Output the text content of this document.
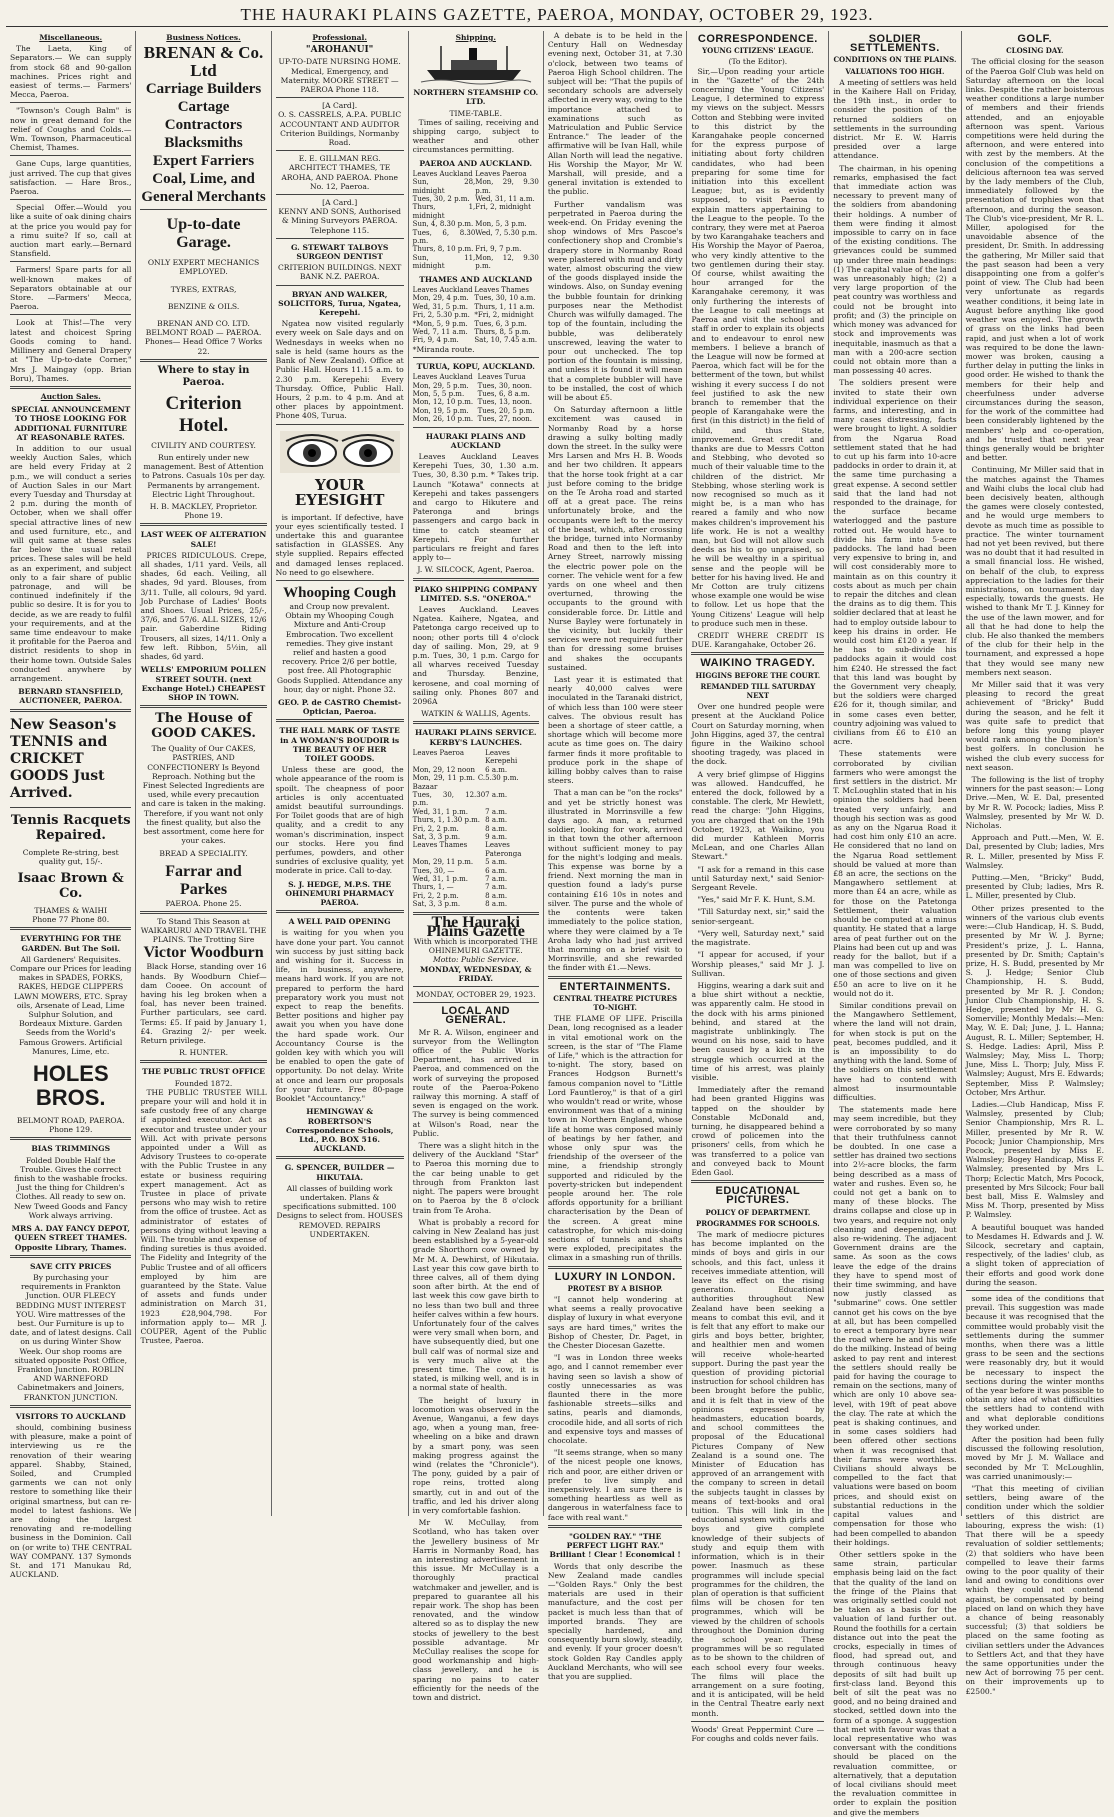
THE HAURAKI PLAINS GAZETTE, PAEROA, MONDAY, OCTOBER 29, 1923.
Miscellaneous.

The Laeta, King of Separators.— We can supply from stock 68 and 90-gallon machines. Prices right and easiest of terms.— Farmers' Mecca, Paeroa.

"Townson's Cough Balm" is now in great demand for the relief of Coughs and Colds.— Wm. Townson, Pharmaceutical Chemist, Thames.

Gane Cups, large quantities, just arrived. The cup that gives satisfaction. — Hare Bros., Paeroa.

Special Offer.—Would you like a suite of oak dining chairs at the price you would pay for a rimu suite? If so, call at auction mart early.—Bernard Stansfield.

Farmers! Spare parts for all well-known makes of Separators obtainable at our Store. —Farmers' Mecca, Paeroa.

Look at This!—The very latest and choicest Spring Goods coming to hand. Millinery and General Drapery at "The Up-to-date Corner," Mrs J. Maingay (opp. Brian Boru), Thames.

Auction Sales.
SPECIAL ANNOUNCEMENT TO THOSE LOOKING FOR ADDITIONAL FURNITURE AT REASONABLE RATES.

In addition to our usual weekly Auction Sales, which are held every Friday at 2 p.m., we will conduct a series of Auction Sales in our Mart every Tuesday and Thursday at 2 p.m. during the month of October, when we shall offer special attractive lines of new and used furniture, etc., and will quit same at these sales far below the usual retail prices. These sales will be held as an experiment, and subject only to a fair share of public patronage, and will be continued indefinitely if the public so desire. It is for you to decide, as we are ready to fulfil your requirements, and at the same time endeavour to make it profitable for the Paeroa and district residents to shop in their home town. Outside Sales conducted anywhere by arrangement.

BERNARD STANSFIELD, AUCTIONEER, PAEROA.
New Season's TENNIS and CRICKET GOODS Just Arrived.
Tennis Racquets Repaired.
Complete Re-string, best quality gut, 15/-.
Isaac Brown & Co.
THAMES & WAIHI
Phone 77 Phone 80.
EVERYTHING FOR THE GARDEN. But The Soil.

All Gardeners' Requisites. Compare our Prices for leading makes in SPADES, FORKS, RAKES, HEDGE CLIPPERS LAWN MOWERS, ETC. Spray oils, Arsenate of Lead, Lime Sulphur Solution, and Bordeaux Mixture. Garden Seeds from the World's Famous Growers. Artificial Manures, Lime, etc.

HOLES BROS.
BELMONT ROAD, PAEROA. Phone 129.
BIAS TRIMMINGS

Folded Double Half the Trouble. Gives the correct finish to the washable frocks. Just the thing for Children's Clothes. All ready to sew on. New Tweed Goods and Fancy Work always arriving.

MRS A. DAY FANCY DEPOT, QUEEN STREET THAMES. Opposite Library, Thames.
SAVE CITY PRICES

By purchasing your requirements in Frankton Junction. OUR FLEECY BEDDING MUST INTEREST YOU. Wire mattresses of the best. Our Furniture is up to date, and of latest designs. Call on us during Winter Show Week. Our shop rooms are situated opposite Post Office, Frankton Junction. ROBLIN AND WARNEFORD Cabinetmakers and Joiners, FRANKTON JUNCTION.

VISITORS TO AUCKLAND

should, combining business with pleasure, make a point of interviewing us re the renovation of their wearing apparel. Shabby, Stained, Soiled, and Crumpled garments we can not only restore to something like their original smartness, but can re-model to latest fashions. We are doing the largest renovating and re-modelling business in the Dominion. Call on (or write to) THE CENTRAL WAY COMPANY. 137 Symonds St. and 171 Manukau Rd, AUCKLAND.

Business Notices.
BRENAN & Co. Ltd
Carriage Builders
Cartage Contractors
Blacksmiths
Expert Farriers
Coal, Lime, and
General Merchants
Up-to-date Garage.
ONLY EXPERT MECHANICS EMPLOYED.
TYRES, EXTRAS,
BENZINE & OILS.
BRENAN AND CO. LTD. BELMONT ROAD — PAEROA. Phones— Head Office 7 Works 22.
Where to stay in Paeroa.
Criterion Hotel.
CIVILITY AND COURTESY.

Run entirely under new management. Best of Attention to Patrons. Casuals 10s per day. Permanents by arrangement. Electric Light Throughout.

H. B. MACKLEY, Proprietor. Phone 19.
LAST WEEK OF ALTERATION SALE!

PRICES RIDICULOUS. Crepe, all shades, 1/11 yard. Veils, all shades, 6d each. Veiling, all shades, 9d yard. Blouses, from 3/11. Tulle, all colours, 9d yard. Job Purchase of Ladies' Boots and Shoes. Usual Prices, 25/-, 37/6, and 57/6. ALL SIZES, 12/6 pair. Gaberdine Riding Trousers, all sizes, 14/11. Only a few left. Ribbon, 5½in, all shades, 6d yard.

WELLS' EMPORIUM POLLEN STREET SOUTH. (next Exchange Hotel.) CHEAPEST SHOP IN TOWN.
The House of GOOD CAKES.

The Quality of Our CAKES, PASTRIES, AND CONFECTIONERY Is Beyond Reproach. Nothing but the Finest Selected Ingredients are used, while every precaution and care is taken in the making. Therefore, if you want not only the finest quality, but also the best assortment, come here for your cakes.

BREAD A SPECIALITY.
Farrar and Parkes
PAEROA. Phone 25.
To Stand This Season at WAIKARURU AND TRAVEL THE PLAINS. The Trotting Sire
Victor Woodburn

Black Horse, standing over 16 hands. By Woodburn Chief—dam Cooee. On account of having his leg broken when a foal, has never been trained. Further particulars, see card. Terms: £5. If paid by January 1, £4. Grazing 2/- per week. Return privilege.

R. HUNTER.
THE PUBLIC TRUST OFFICE
Founded 1872.

THE PUBLIC TRUSTEE WILL prepare your will and hold it in safe custody free of any charge if appointed executor. Act as executor and trustee under your Will. Act with private persons appointed under a Will as Advisory Trustees to co-operate with the Public Trustee in any estate or business requiring expert management. Act as Trustee in place of private persons who may wish to retire from the office of trustee. Act as administrator of estates of persons dying without leaving a Will. The trouble and expense of finding sureties is thus avoided. The Fidelity and Integrity of the Public Trustee and of all officers employed by him are guaranteed by the State. Value of assets and funds under administration on March 31, 1923 £28,904,798. For information apply to— MR J. COUPER, Agent of the Public Trustee, Paeroa.

Professional.
"AROHANUI"

UP-TO-DATE NURSING HOME. Medical, Emergency, and Maternity. MOORE STREET — PAEROA Phone 118.

[A Card].

O. S. CASSRELS, A.P.A. PUBLIC ACCOUNTANT AND AUDITOR Criterion Buildings, Normanby Road.

E. E. GILLMAN REG. ARCHITECT THAMES, TE AROHA, AND PAEROA. Phone No. 12, Paeroa.

[A Card.]

KENNY AND SONS, Authorised & Mining Surveyors PAEROA. Telephone 115.

G. STEWART TALBOYS SURGEON DENTIST
CRITERION BUILDINGS. NEXT BANK N.Z. PAEROA.
BRYAN AND WALKER, SOLICITORS, Turua, Ngatea, Kerepehi.

Ngatea now visited regularly every week on Sale days and on Wednesdays in weeks when no sale is held (same hours as the Bank of New Zealand). Office at Public Hall. Hours 11.15 a.m. to 2.30 p.m. Kerepehi: Every Thursday. Office, Public Hall. Hours, 2 p.m. to 4 p.m. And at other places by appointment. Phone 40S, Turua.

YOUR EYESIGHT

is important. If defective, have your eyes scientifically tested. I undertake this and guarantee satisfaction in GLASSES. Any style supplied. Repairs effected and damaged lenses replaced. No need to go elsewhere.

Whooping Cough

and Croup now prevalent. Obtain my Whooping Cough Mixture and Anti-Croup Embrocation. Two excellent remedies. They give instant relief and hasten a good recovery. Price 2/6 per bottle, post free. All Photographic Goods Supplied. Attendance any hour, day or night. Phone 32.

GEO. P. de CASTRO Chemist-Optician, Paeroa.
THE HALL MARK OF TASTE in A WOMAN'S BOUDOIR is THE BEAUTY OF HER TOILET GOODS.

Unless these are good, the whole appearance of the room is spoilt. The cheapness of poor articles is only accentuated amidst beautiful surroundings. For Toilet goods that are of high quality, and a credit to any woman's discrimination, inspect our stocks. Here you find perfumes, powders, and other sundries of exclusive quality, yet moderate in price. Call to-day.

S. J. HEDGE, M.P.S. THE OHINEMURI PHARMACY PAEROA.
A WELL PAID OPENING

is waiting for you when you have done your part. You cannot win success by just sitting back and wishing for it. Success in life, in business, anywhere, means hard work. If you are not prepared to perform the hard preparatory work you must not expect to reap the benefits. Better positions and higher pay await you when you have done the hard spade work. Our Accountancy Course is the golden key with which you will be enabled to open the gate of opportunity. Do not delay. Write at once and learn our proposals for your future. Free 80-page Booklet "Accountancy."

HEMINGWAY & ROBERTSON'S Correspondence Schools, Ltd., P.O. BOX 516. AUCKLAND.
G. SPENCER, BUILDER — HIKUTAIA.

All classes of building work undertaken. Plans & specifications submitted. 100 Designs to select from. HOUSES REMOVED. REPAIRS UNDERTAKEN.

Shipping.
NORTHERN STEAMSHIP CO. LTD.
TIME-TABLE.

Times of sailing, receiving and shipping cargo, subject to weather and other circumstances permitting.

PAEROA AND AUCKLAND.
Leaves Auckland	Leaves Paeroa
Sun, 28, midnight	Mon, 29, 9.30 p.m.
Tues, 30, 2 p.m.	Wed, 31, 11 a.m.
Thurs, 1, midnight	Fri, 2, midnight
Sun, 4, 8.30 p.m.	Mon, 5, 3 p.m.
Tues, 6, 8.30 p.m.	Wed, 7, 5.30 p.m.
Thurs, 8, 10 p.m.	Fri, 9, 7 p.m.
Sun, 11, midnight	Mon, 12, 9.30 p.m.
THAMES AND AUCKLAND
Leaves Auckland	Leaves Thames
Mon, 29, 4 p.m.	Tues, 30, 10 a.m.
Wed, 31, 5 p.m.	Thurs, 1, 11 a.m.
Fri, 2, 5.30 p.m.	*Fri, 2, midnight
*Mon, 5, 9 p.m.	Tues, 6, 3 p.m.
Wed, 7, 11 a.m.	Thurs, 8, 5 p.m.
Fri, 9, 4 p.m.	Sat, 10, 7.45 a.m.
*Miranda route.
TURUA, KOPU, AUCKLAND.
Leaves Auckland	Leaves Turua
Mon, 29, 5 p.m.	Tues, 30, noon.
Mon, 5, 5 p.m.	Tues, 6, 8 a.m.
Mon, 12, 10 p.m.	Tues, 13, noon.
Mon, 19, 5 p.m.	Tues, 20, 5 p.m.
Mon, 26, 10 p.m.	Tues, 27, noon.
HAURAKI PLAINS AND AUCKLAND

Leaves Auckland Leaves Kerepehi Tues, 30, 1.30 a.m. Tues, 30, 8.30 p.m. * Takes trip. Launch "Kotawa" connects at Kerepehi and takes passengers and cargo to Hikutere and Pateronga and brings passengers and cargo back in time to catch steamer at Kerepehi. For further particulars re freight and fares apply to—

J. W. SILCOCK, Agent, Paeroa.
PIAKO SHIPPING COMPANY LIMITED. S.S. "ONEROA."

Leaves Auckland. Leaves Ngatea. Kaihere, Ngatea, and Patetonga cargo received up to noon; other ports till 4 o'clock day of sailing. Mon, 29, at 9 p.m. Tues, 30, 1 p.m. Cargo for all wharves received Tuesday and Thursday. Benzine, kerosene, and coal morning of sailing only. Phones 807 and 2096A

WATKIN & WALLIS, Agents.
HAURAKI PLAINS SERVICE. KERBY'S LAUNCHES.
Leaves Paeroa	Leaves Kerepehi
Mon, 29, 12 noon	6 a.m.
Mon, 29, 11 p.m. C. Bazaar	5.30 p.m.
Tues, 30, 12.30 p.m.	7 a.m.
Wed, 31, 1 p.m.	7 a.m.
Thurs, 1, 1.30 p.m.	8 a.m.
Fri, 2, 2 p.m.	8 a.m.
Sat, 3, 3 p.m.	9 a.m.
Leaves Thames	Leaves Pateronga
Mon, 29, 11 p.m.	5 a.m.
Tues, 30, —	6 a.m.
Wed, 31, 1 p.m.	7 a.m.
Thurs, 1, —	7 a.m.
Fri, 2, 2 p.m.	8 a.m.
Sat, 3, 3 p.m.	8 a.m.
The Hauraki Plains Gazette
With which is incorporated THE OHINEMURI GAZETTE.
Motto: Public Service.
MONDAY, WEDNESDAY, & FRIDAY.
MONDAY, OCTOBER 29, 1923.
LOCAL AND GENERAL.

Mr R. A. Wilson, engineer and surveyor from the Wellington office of the Public Works Department, has arrived in Paeroa, and commenced on the work of surveying the proposed route of the Paeroa-Pokeno railway this morning. A staff of seven is engaged on the work. The survey is being commenced at Wilson's Road, near the Public.

There was a slight hitch in the delivery of the Auckland "Star" to Paeroa this morning due to the car being unable to get through from Frankton last night. The papers were brought on to Paeroa by the 8 o'clock train from Te Aroha.

What is probably a record for calving in New Zealand has just been established by a 5-year-old grade Shorthorn cow owned by Mr M. A. Dewhirst, of Hikutaia. Last year this cow gave birth to three calves, all of them dying soon after birth. At the end of last week this cow gave birth to no less than two bull and three heifer calves within a few hours. Unfortunately four of the calves were very small when born, and have subsequently died, but one bull calf was of normal size and is very much alive at the present time. The cow, it is stated, is milking well, and is in a normal state of health.

The height of luxury in locomotion was observed in the Avenue, Wanganui, a few days ago, when a young man, free-wheeling on a bike and drawn by a smart pony, was seen making progress against the wind (relates the "Chronicle"). The pony, guided by a pair of rope reins, trotted along smartly, cut in and out of the traffic, and led his driver along in very comfortable fashion.

Mr W. McCullay, from Scotland, who has taken over the Jewellery business of Mr Harris in Normanby Road, has an interesting advertisement in this issue. Mr McCullay is a thoroughly practical watchmaker and jeweller, and is prepared to guarantee all his repair work. The shop has been renovated, and the window altered so as to display the new stocks of jewellery to the best possible advantage. Mr McCullay realises the scope for good workmanship and high-class jewellery, and he is sparing no pains to cater efficiently for the needs of the town and district.

A debate is to be held in the Century Hall on Wednesday evening next, October 31, at 7.30 o'clock, between two teams of Paeroa High School children. The subject will be: "That the pupils of secondary schools are adversely affected in every way, owing to the importance attached to examinations such as Matriculation and Public Service Entrance." The leader of the affirmative will be Ivan Hall, while Allan North will lead the negative. His Worship the Mayor, Mr W. Marshall, will preside, and a general invitation is extended to the public.

Further vandalism was perpetrated in Paeroa during the week-end. On Friday evening the shop windows of Mrs Pascoe's confectionery shop and Crombie's drapery store in Normanby Road were plastered with mud and dirty water, almost obscuring the view of the goods displayed inside the windows. Also, on Sunday evening the bubble fountain for drinking purposes near the Methodist Church was wilfully damaged. The top of the fountain, including the bubble, was deliberately unscrewed, leaving the water to pour out unchecked. The top portion of the fountain is missing, and unless it is found it will mean that a complete bubbler will have to be installed, the cost of which will be about £5.

On Saturday afternoon a little excitement was caused in Normanby Road by a horse drawing a sulky bolting madly down the street. In the sulky were Mrs Larsen and Mrs H. B. Woods and her two children. It appears that the horse took fright at a car just before coming to the bridge on the Te Aroha road and started off at a great pace. The reins unfortunately broke, and the occupants were left to the mercy of the beast, which, after crossing the bridge, turned into Normanby Road and then to the left into Arney Street, narrowly missing the electric power pole on the corner. The vehicle went for a few yards on one wheel and then overturned, throwing the occupants to the ground with considerable force. Dr. Little and Nurse Bayley were fortunately in the vicinity, but luckily their services were not required further than for dressing some bruises and shakes the occupants sustained.

Last year it is estimated that nearly 40,000 calves were inoculated in the Taranaki district, of which less than 100 were steer calves. The obvious result has been a shortage of steer cattle, a shortage which will become more acute as time goes on. The dairy farmer finds it more profitable to produce pork in the shape of killing bobby calves than to raise steers.

That a man can be "on the rocks" and yet be strictly honest was illustrated in Morrinsville a few days ago. A man, a returned soldier, looking for work, arrived in that town the other afternoon without sufficient money to pay for the night's lodging and meals. This expense was borne by a friend. Next morning the man in question found a lady's purse containing £16 10s in notes and silver. The purse and the whole of the contents were taken immediately to the police station, where they were claimed by a Te Aroha lady who had just arrived that morning on a brief visit to Morrinsville, and she rewarded the finder with £1.—News.

ENTERTAINMENTS.
CENTRAL THEATRE PICTURES TO-NIGHT.

THE FLAME OF LIFE. Priscilla Dean, long recognised as a leader in vital emotional work on the screen, is the star of "The Flame of Life," which is the attraction for to-night. The story, based on Frances Hodgson Burnett's famous companion novel to "Little Lord Fauntleroy," is that of a girl who wouldn't read or write, whose environment was that of a mining town in Northern England, whose life at home was composed mainly of beatings by her father, and whose only spur was the friendship of the overseer of the mine, a friendship strongly supported and ridiculed by the poverty-stricken but independent people around her. The role affords opportunity for a brilliant characterisation by the Dean of the screen. A great mine catastrophe, for which mis-doing sections of tunnels and shafts were exploded, precipitates the climax in a smashing run of thrills.

LUXURY IN LONDON.
PROTEST BY A BISHOP.

"I cannot help wondering at what seems a really provocative display of luxury in what everyone says are hard times," writes the Bishop of Chester, Dr. Paget, in the Chester Diocesan Gazette.

"I was in London three weeks ago, and I cannot remember ever having seen so lavish a show of costly unnecessaries as was flaunted there in the more fashionable streets—silks and satins, pearls and diamonds, crocodile hide, and all sorts of rich and expensive toys and masses of chocolate.

"It seems strange, when so many of the nicest people one knows, rich and poor, are either driven or prefer to live simply and inexpensively. I am sure there is something heartless as well as dangerous in waterfalness face to face with real want."

"GOLDEN RAY." "THE PERFECT LIGHT RAY." Brilliant ! Clear ! Economical !

Words that only describe the New Zealand made candles—"Golden Rays." Only the best materials are used in their manufacture, and the cost per packet is much less than that of imported brands. They are specially hardened, and consequently burn slowly, steadily, and evenly. If your grocer doesn't stock Golden Ray Candles apply Auckland Merchants, who will see that you are supplied.

CORRESPONDENCE.
YOUNG CITIZENS' LEAGUE.
(To the Editor).

Sir,—Upon reading your article in the "Gazette" of the 24th concerning the Young Citizens' League, I determined to express my views on the subject. Messrs Cotton and Stebbing were invited to this district by the Karangahake people concerned for the express purpose of initiating about forty children candidates, who had been preparing for some time for initiation into this excellent League; but, as is evidently supposed, to visit Paeroa to explain matters appertaining to the League to the people. To the contrary, they were met at Paeroa by two Karangahake teachers and His Worship the Mayor of Paeroa, who very kindly attentive to the two gentlemen during their stay. Of course, whilst awaiting the hour arranged for the Karangahake ceremony, it was only furthering the interests of the League to call meetings at Paeroa and visit the school and staff in order to explain its objects and to endeavour to enrol new members. I believe a branch of the League will now be formed at Paeroa, which fact will be for the betterment of the town, but whilst wishing it every success I do not feel justified to ask the new branch to remember that the people of Karangahake were the first (in this district) in the field of child, and thus State, improvement. Great credit and thanks are due to Messrs Cotton and Stebbing, who devoted so much of their valuable time to the children of the district. Mr Stebbing, whose sterling work is now recognised so much as it might be, is a man who has reared a family and who now makes children's improvement his life work. He is not a wealthy man, but God will not allow such deeds as his to go unpraised, so he will be wealthy in a spiritual sense and the people will be better for his having lived. He and Mr Cotton are truly citizens whose example one would be wise to follow. Let us hope that the Young Citizens' League will help to produce such men in these.

CREDIT WHERE CREDIT IS DUE. Karangahake, October 26.

WAIKINO TRAGEDY.
HIGGINS BEFORE THE COURT.
REMANDED TILL SATURDAY NEXT

Over one hundred people were present at the Auckland Police Court on Saturday morning, when John Higgins, aged 37, the central figure in the Waikino school shooting tragedy, was placed in the dock.

A very brief glimpse of Higgins was allowed. Handcuffed, he entered the dock, followed by a constable. The clerk, Mr Hewlett, read the charge: "John Higgins, you are charged that on the 19th October, 1923, at Waikino, you did murder Kathleen Morris McLean, and one Charles Allan Stewart."

"I ask for a remand in this case until Saturday next," said Senior-Sergeant Revele.

"Yes," said Mr F. K. Hunt, S.M.

"Till Saturday next, sir," said the senior-sergeant.

"Very well, Saturday next," said the magistrate.

"I appear for accused, if your Worship pleases," said Mr J. J. Sullivan.

Higgins, wearing a dark suit and a blue shirt without a necktie, was apparently calm. He stood in the dock with his arms pinioned behind, and stared at the magistrate unblinkingly. The wound on his nose, said to have been caused by a kick in the struggle which occurred at the time of his arrest, was plainly visible.

Immediately after the remand had been granted Higgins was tapped on the shoulder by Constable McDonald and, turning, he disappeared behind a crowd of policemen into the prisoners' cells, from which he was transferred to a police van and conveyed back to Mount Eden Gaol.

EDUCATIONAL PICTURES.
POLICY OF DEPARTMENT.
PROGRAMMES FOR SCHOOLS.

The mark of mediocre pictures has become implanted on the minds of boys and girls in our schools, and this fact, unless it receives immediate attention, will leave its effect on the rising generation. Educational authorities throughout New Zealand have been seeking a means to combat this evil, and it is felt that any effort to make our girls and boys better, brighter, and healthier men and women will receive whole-hearted support. During the past year the question of providing pictorial instruction for school children has been brought before the public, and it is felt that in view of the opinions expressed by headmasters, education boards, and school committees the proposal of the Educational Pictures Company of New Zealand is a sound one. The Minister of Education has approved of an arrangement with the company to screen in detail the subjects taught in classes by means of text-books and oral tuition. This will link in the educational system with girls and boys and give complete knowledge of their subjects of study and equip them with information, which is in their power. Inasmuch as these programmes will include special programmes for the children, the plan of operation is that sufficient films will be chosen for ten programmes, which will be viewed by the children of schools throughout the Dominion during the school year. These programmes will be so regulated as to be shown to the children of each school every four weeks. The films will place the arrangement on a sure footing, and it is anticipated, will be held in the Central Theatre early next month.

Woods' Great Peppermint Cure — For coughs and colds never fails.
SOLDIER SETTLEMENTS.
CONDITIONS ON THE PLAINS.
VALUATIONS TOO HIGH.

A meeting of settlers was held in the Kaihere Hall on Friday, the 19th inst., in order to consider the position of the returned soldiers on settlements in the surrounding district. Mr E. W. Harris presided over a large attendance.

The chairman, in his opening remarks, emphasised the fact that immediate action was necessary to prevent many of the soldiers from abandoning their holdings. A number of them were finding it almost impossible to carry on in face of the existing conditions. The grievances could be summed up under three main headings: (1) The capital value of the land was unreasonably high; (2) a very large proportion of the peat country was worthless and could not be brought into profit; and (3) the principle on which money was advanced for stock and improvements was inequitable, inasmuch as that a man with a 200-acre section could not obtain more than a man possessing 40 acres.

The soldiers present were invited to state their own individual experience on their farms, and interesting, and in many cases distressing, facts were brought to light. A soldier from the Ngarua Road settlement stated that he had to cut up his farm into 10-acre paddocks in order to drain it, at the same time purchasing a great expense. A second settler said that the land had not responded to the drainage, for the surface became waterlogged and the pasture rotted out. He would have to divide his farm into 5-acre paddocks. The land had been very expensive to bring in, and will cost considerably more to maintain as on this country it costs about as much per chain to repair the ditches and clean the drains as to dig them. This soldier declared that at least he had to employ outside labour to keep his drains in order. He would cost him £120 a year. If he has to sub-divide his paddocks again it would cost him £240. He stressed the fact that this land was bought by the Government very cheaply, but the soldiers were charged £26 for it, though similar, and in some cases even better, country adjoining was valued to civilians from £6 to £10 an acre.

These statements were corroborated by civilian farmers who were amongst the first settlers in the district. Mr T. McLoughlin stated that in his opinion the soldiers had been treated very unfairly, and though his section was as good as any on the Ngarua Road it had cost him only £10 an acre. He considered that no land on the Ngarua Road settlement should be valued at more than £8 an acre, the sections on the Mangawhero settlement at more than £4 an acre, while as for those on the Patetonga Settlement, their valuation should be computed at a minus quantity. He stated that a large area of peat further out on the Plains had been cut up and was ready for the ballot, but if a man was compelled to live on one of those sections and given £50 an acre to live on it he would not do it.

Similar conditions prevail on the Mangawhero Settlement, where the land will not drain, for when stock is put on the peat, becomes puddled, and it is an impossibility to do anything with the land. Some of the soldiers on this settlement have had to contend with almost insurmountable difficulties.

The statements made here may seem incredible, but they were corroborated by so many that their truthfulness cannot be doubted. In one case a settler has drained two sections into 2½-acre blocks, the farm being described as a mass of water and rushes. Even so, he could not get a bank on to many of these blocks. The drains collapse and close up in two years, and require not only cleaning and deepening, but also re-widening. The adjacent Government drains are the same. As soon as the cows leave the edge of the drains they have to spend most of their time swimming, and have now justly classed as "submarine" cows. One settler cannot get his cows on the bye at all, but has been compelled to erect a temporary byre near the road where he and his wife do the milking. Instead of being asked to pay rent and interest the settlers should really be paid for having the courage to remain on the sections, many of which are only 10 above sea-level, with 19ft of peat above the clay. The rate at which the peat is shaking continues, and in some cases soldiers had been offered other sections when it was recognised that their farms were worthless. Civilians should always be compelled to the fact that valuations were based on boom prices, and should exist on substantial reductions in the capital values and compensation for those who had been compelled to abandon their holdings.

Other settlers spoke in the same strain, particular emphasis being laid on the fact that the quality of the land on the fringe of the Plains that was originally settled could not be taken as a basis for the valuation of land further out. Round the foothills for a certain distance out into the peat the crocks, especially in times of flood, had spread out, and through continuous heavy deposits of silt had built up first-class land. Beyond this belt of silt the peat was no good, and no being drained and stocked, settled down into the form of a sponge. A suggestion that met with favour was that a local representative who was conversant with the conditions should be placed on the revaluation committee, or alternatively, that a deputation of local civilians should meet the revaluation committee in order to explain the position and give the members

GOLF.
CLOSING DAY.

The official closing for the season of the Paeroa Golf Club was held on Saturday afternoon on the local links. Despite the rather boisterous weather conditions a large number of members and their friends attended, and an enjoyable afternoon was spent. Various competitions were held during the afternoon, and were entered into with zest by the members. At the conclusion of the competitions a delicious afternoon tea was served by the lady members of the Club, immediately followed by the presentation of trophies won that afternoon, and during the season. The Club's vice-president, Mr R. L. Miller, apologised for the unavoidable absence of the president, Dr. Smith. In addressing the gathering, Mr Miller said that the past season had been a very disappointing one from a golfer's point of view. The Club had been very unfortunate as regards weather conditions, it being late in August before anything like good weather was enjoyed. The growth of grass on the links had been rapid, and just when a lot of work was required to be done the lawn-mower was broken, causing a further delay in putting the links in good order. He wished to thank the members for their help and cheerfulness under adverse circumstances during the season, for the work of the committee had been considerably lightened by the members' help and co-operation, and he trusted that next year things generally would be brighter and better.

Continuing, Mr Miller said that in the matches against the Thames and Waihi clubs the local club had been decisively beaten, although the games were closely contested, and he would urge members to devote as much time as possible to practice. The winter tournament had not yet been revived, but there was no doubt that it had resulted in a small financial loss. He wished, on behalf of the club, to express appreciation to the ladies for their ministrations, on tournament day especially, towards the guests. He wished to thank Mr T. J. Kinney for the use of the lawn mower, and for all that he had done to help the club. He also thanked the members of the club for their help in the tournament, and expressed a hope that they would see many new members next season.

Mr Miller said that it was very pleasing to record the great achievement of "Bricky" Budd during the season, and he felt it was quite safe to predict that before long this young player would rank among the Dominion's best golfers. In conclusion he wished the club every success for next season.

The following is the list of trophy winners for the past season:— Long Drive.—Men, W. E. Dal, presented by Mr R. W. Pocock; ladies, Miss P. Walmsley, presented by Mr W. D. Nicholas.

Approach and Putt.—Men, W. E. Dal, presented by Club; ladies, Mrs R. L. Miller, presented by Miss F. Walmsley.

Putting.—Men, "Bricky" Budd, presented by Club; ladies, Mrs R. L. Miller, presented by Club.

Other prizes presented to the winners of the various club events were:—Club Handicap, H. S. Budd, presented by Mr W. J. Byrne; President's prize, J. L. Hanna, presented by Dr. Smith; Captain's prize, H. S. Budd, presented by Mr S. J. Hedge; Senior Club Championship, H. S. Budd, presented by Mr R. J. Condon; Junior Club Championship, H. S. Hedge, presented by Mr H. G. Somerville; Monthly Medals:—Men: May, W. E. Dal; June, J. L. Hanna; August, R. L. Miller; September, H. S. Hedge. Ladies: April, Miss P. Walmsley; May, Miss L. Thorp; June, Miss L. Thorp; July, Miss F. Walmsley; August, Mrs E. Edwards; September, Miss P. Walmsley; October, Mrs Arthur.

Ladies.—Club Handicap, Miss F. Walmsley, presented by Club; Senior Championship, Mrs R. L. Miller, presented by Mr R. W. Pocock; Junior Championship, Mrs Pocock, presented by Miss E. Walmsley; Bogey Handicap, Miss F. Walmsley, presented by Mrs L. Thorp; Eclectic Match, Mrs Pocock, presented by Mrs Silcock; Four ball best ball, Miss E. Walmsley and Miss M. Thorp, presented by Miss P. Walmsley.

A beautiful bouquet was handed to Mesdames H. Edwards and J. W. Silcock, secretary and captain, respectively, of the ladies' club, as a slight token of appreciation of their efforts and good work done during the season.

some idea of the conditions that prevail. This suggestion was made because it was recognised that the committee would probably visit the settlements during the summer months, when there was a little grass to be seen and the sections were reasonably dry, but it would be necessary to inspect the sections during the winter months of the year before it was possible to obtain any idea of what difficulties the settlers had to contend with and what deplorable conditions they worked under.

After the position had been fully discussed the following resolution, moved by Mr J. M. Wallace and seconded by Mr T. McLoughlin, was carried unanimously:—

"That this meeting of civilian settlers, being aware of the condition under which the soldier settlers of this district are labouring, express the wish: (1) That there will be a speedy revaluation of soldier settlements; (2) that soldiers who have been compelled to leave their farms owing to the poor quality of their land and owing to conditions over which they could not contend against, be compensated by being placed on land on which they have a chance of being reasonably successful; (3) that soldiers be placed on the same footing as civilian settlers under the Advances to Settlers Act, and that they have the same opportunities under the new Act of borrowing 75 per cent. on their improvements up to £2500."
